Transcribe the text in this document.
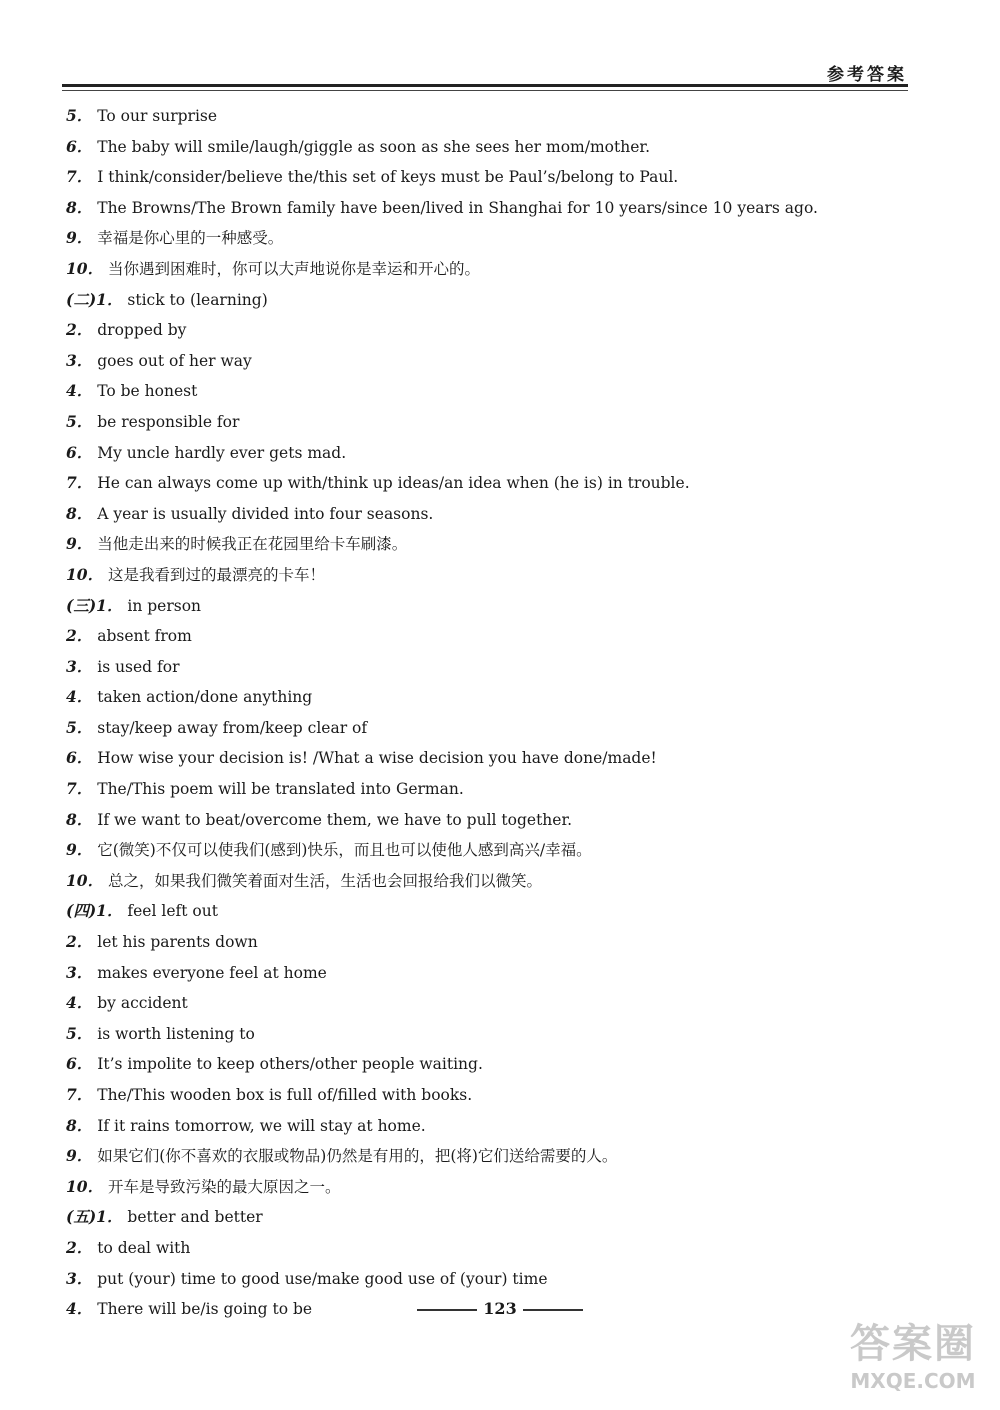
参考答案
5． To our surprise
6． The baby will smile/laugh/giggle as soon as she sees her mom/mother.
7． I think/consider/believe the/this set of keys must be Paul’s/belong to Paul.
8． The Browns/The Brown family have been/lived in Shanghai for 10 years/since 10 years ago.
9． 幸福是你心里的一种感受。
10． 当你遇到困难时，你可以大声地说你是幸运和开心的。
(二)1． stick to (learning)
2． dropped by
3． goes out of her way
4． To be honest
5． be responsible for
6． My uncle hardly ever gets mad.
7． He can always come up with/think up ideas/an idea when (he is) in trouble.
8． A year is usually divided into four seasons.
9． 当他走出来的时候我正在花园里给卡车刷漆。
10． 这是我看到过的最漂亮的卡车！
(三)1． in person
2． absent from
3． is used for
4． taken action/done anything
5． stay/keep away from/keep clear of
6． How wise your decision is! /What a wise decision you have done/made!
7． The/This poem will be translated into German.
8． If we want to beat/overcome them, we have to pull together.
9． 它(微笑)不仅可以使我们(感到)快乐，而且也可以使他人感到高兴/幸福。
10． 总之，如果我们微笑着面对生活，生活也会回报给我们以微笑。
(四)1． feel left out
2． let his parents down
3． makes everyone feel at home
4． by accident
5． is worth listening to
6． It’s impolite to keep others/other people waiting.
7． The/This wooden box is full of/filled with books.
8． If it rains tomorrow, we will stay at home.
9． 如果它们(你不喜欢的衣服或物品)仍然是有用的，把(将)它们送给需要的人。
10． 开车是导致污染的最大原因之一。
(五)1． better and better
2． to deal with
3． put (your) time to good use/make good use of (your) time
4． There will be/is going to be	123
答案圈
MXQE.COM
